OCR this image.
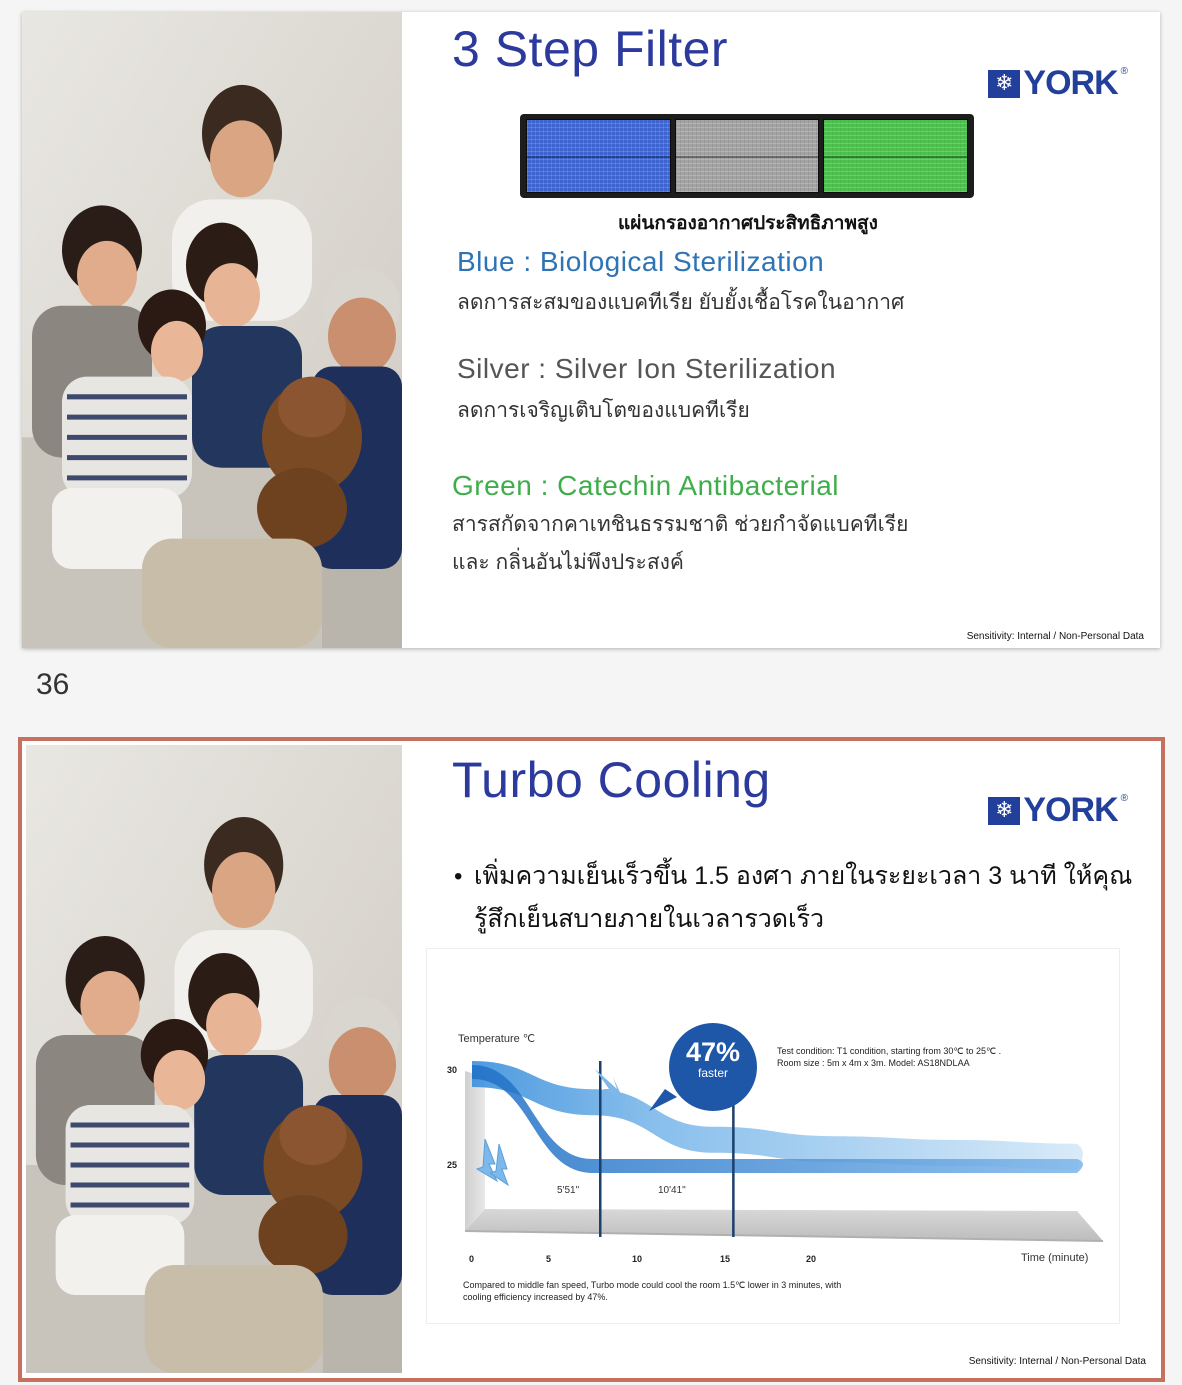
3 Step Filter
❄ YORK ®
แผ่นกรองอากาศประสิทธิภาพสูง
Blue : Biological Sterilization
ลดการสะสมของแบคทีเรีย ยับยั้งเชื้อโรคในอากาศ
Silver : Silver Ion Sterilization
ลดการเจริญเติบโตของแบคทีเรีย
Green : Catechin Antibacterial
สารสกัดจากคาเทชินธรรมชาติ ช่วยกำจัดแบคทีเรีย
และ กลิ่นอันไม่พึงประสงค์
Sensitivity: Internal / Non-Personal Data
36
Turbo Cooling
❄ YORK ®
• เพิ่มความเย็นเร็วขึ้น 1.5 องศา ภายในระยะเวลา 3 นาที ให้คุณ
รู้สึกเย็นสบายภายในเวลารวดเร็ว
Temperature ℃
Time (minute)
30
25
0	5	10	15	20
5'51"	10'41"
47%
faster
Test condition: T1 condition, starting from 30℃ to 25℃ .
Room size : 5m x 4m x 3m. Model: AS18NDLAA
Compared to middle fan speed, Turbo mode could cool the room 1.5℃ lower in 3 minutes, with
cooling efficiency increased by 47%.
Sensitivity: Internal / Non-Personal Data
